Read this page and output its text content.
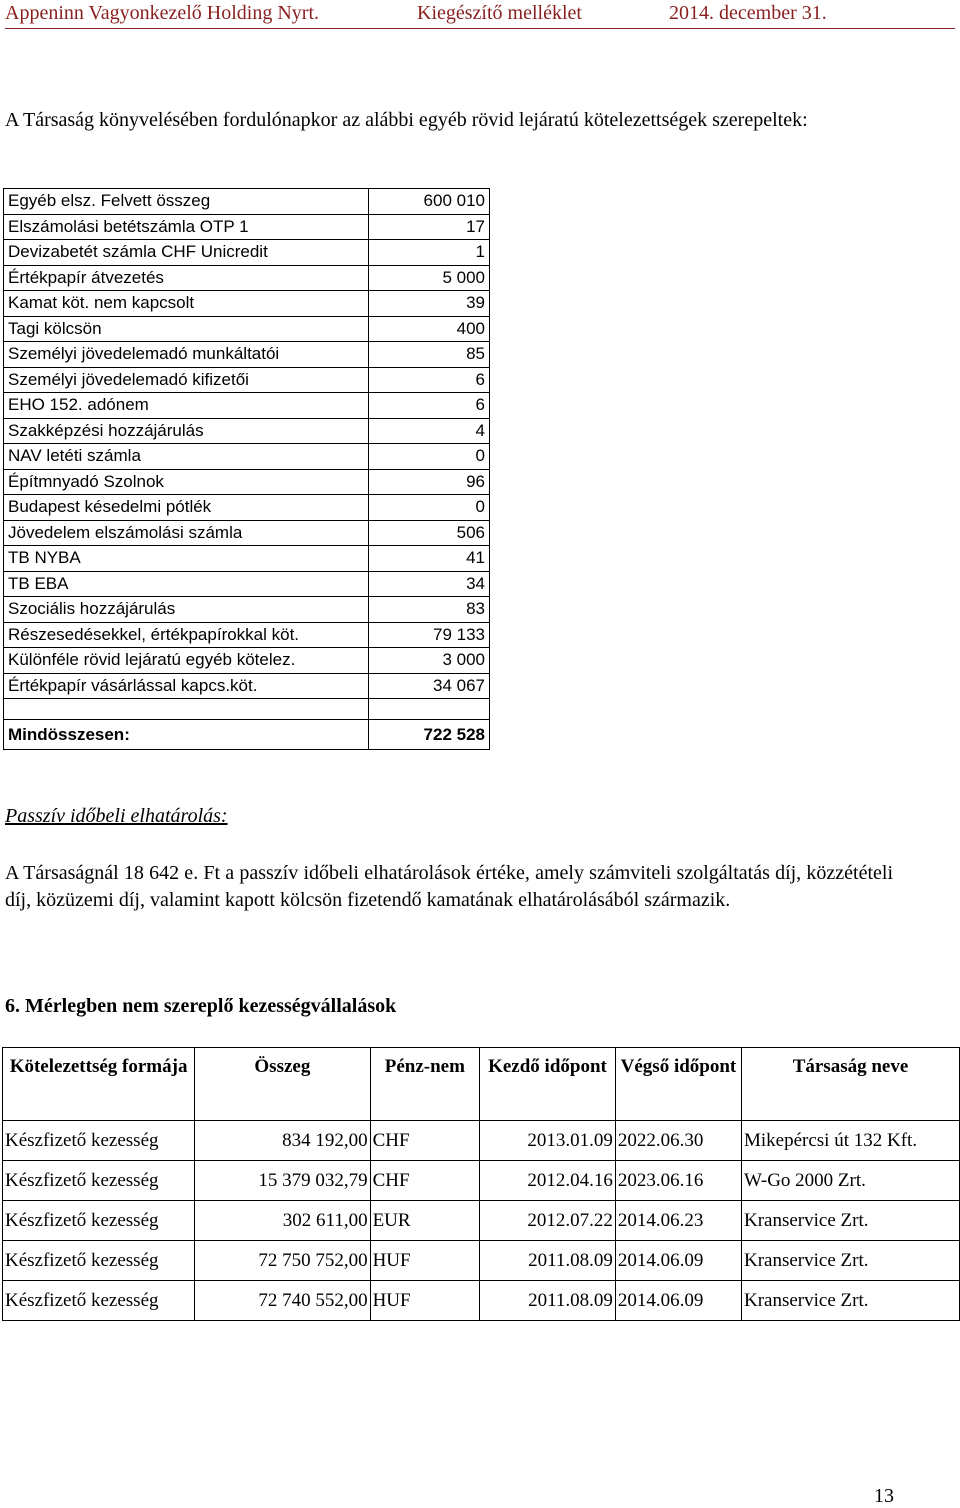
Appeninn Vagyonkezelő Holding Nyrt.	Kiegészítő melléklet	2014. december 31.

A Társaság könyvelésében fordulónapkor az alábbi egyéb rövid lejáratú kötelezettségek szerepeltek:

Egyéb elsz. Felvett összeg	600 010
Elszámolási betétszámla OTP 1	17
Devizabetét számla CHF Unicredit	1
Értékpapír átvezetés	5 000
Kamat köt. nem kapcsolt	39
Tagi kölcsön	400
Személyi jövedelemadó munkáltatói	85
Személyi jövedelemadó kifizetői	6
EHO 152. adónem	6
Szakképzési hozzájárulás	4
NAV letéti számla	0
Építmnyadó Szolnok	96
Budapest késedelmi pótlék	0
Jövedelem elszámolási számla	506
TB NYBA	41
TB EBA	34
Szociális hozzájárulás	83
Részesedésekkel, értékpapírokkal köt.	79 133
Különféle rövid lejáratú egyéb kötelez.	3 000
Értékpapír vásárlással kapcs.köt.	34 067

Mindösszesen:	722 528

Passzív időbeli elhatárolás:

A Társaságnál 18 642 e. Ft a passzív időbeli elhatárolások értéke, amely számviteli szolgáltatás díj, közzétételi díj, közüzemi díj, valamint kapott kölcsön fizetendő kamatának elhatárolásából származik.

6. Mérlegben nem szereplő kezességvállalások

Kötelezettség formája	Összeg	Pénz-nem	Kezdő időpont	Végső időpont	Társaság neve
Készfizető kezesség	834 192,00	CHF	2013.01.09	2022.06.30	Mikepércsi út 132 Kft.
Készfizető kezesség	15 379 032,79	CHF	2012.04.16	2023.06.16	W-Go 2000 Zrt.
Készfizető kezesség	302 611,00	EUR	2012.07.22	2014.06.23	Kranservice Zrt.
Készfizető kezesség	72 750 752,00	HUF	2011.08.09	2014.06.09	Kranservice Zrt.
Készfizető kezesség	72 740 552,00	HUF	2011.08.09	2014.06.09	Kranservice Zrt.
13
